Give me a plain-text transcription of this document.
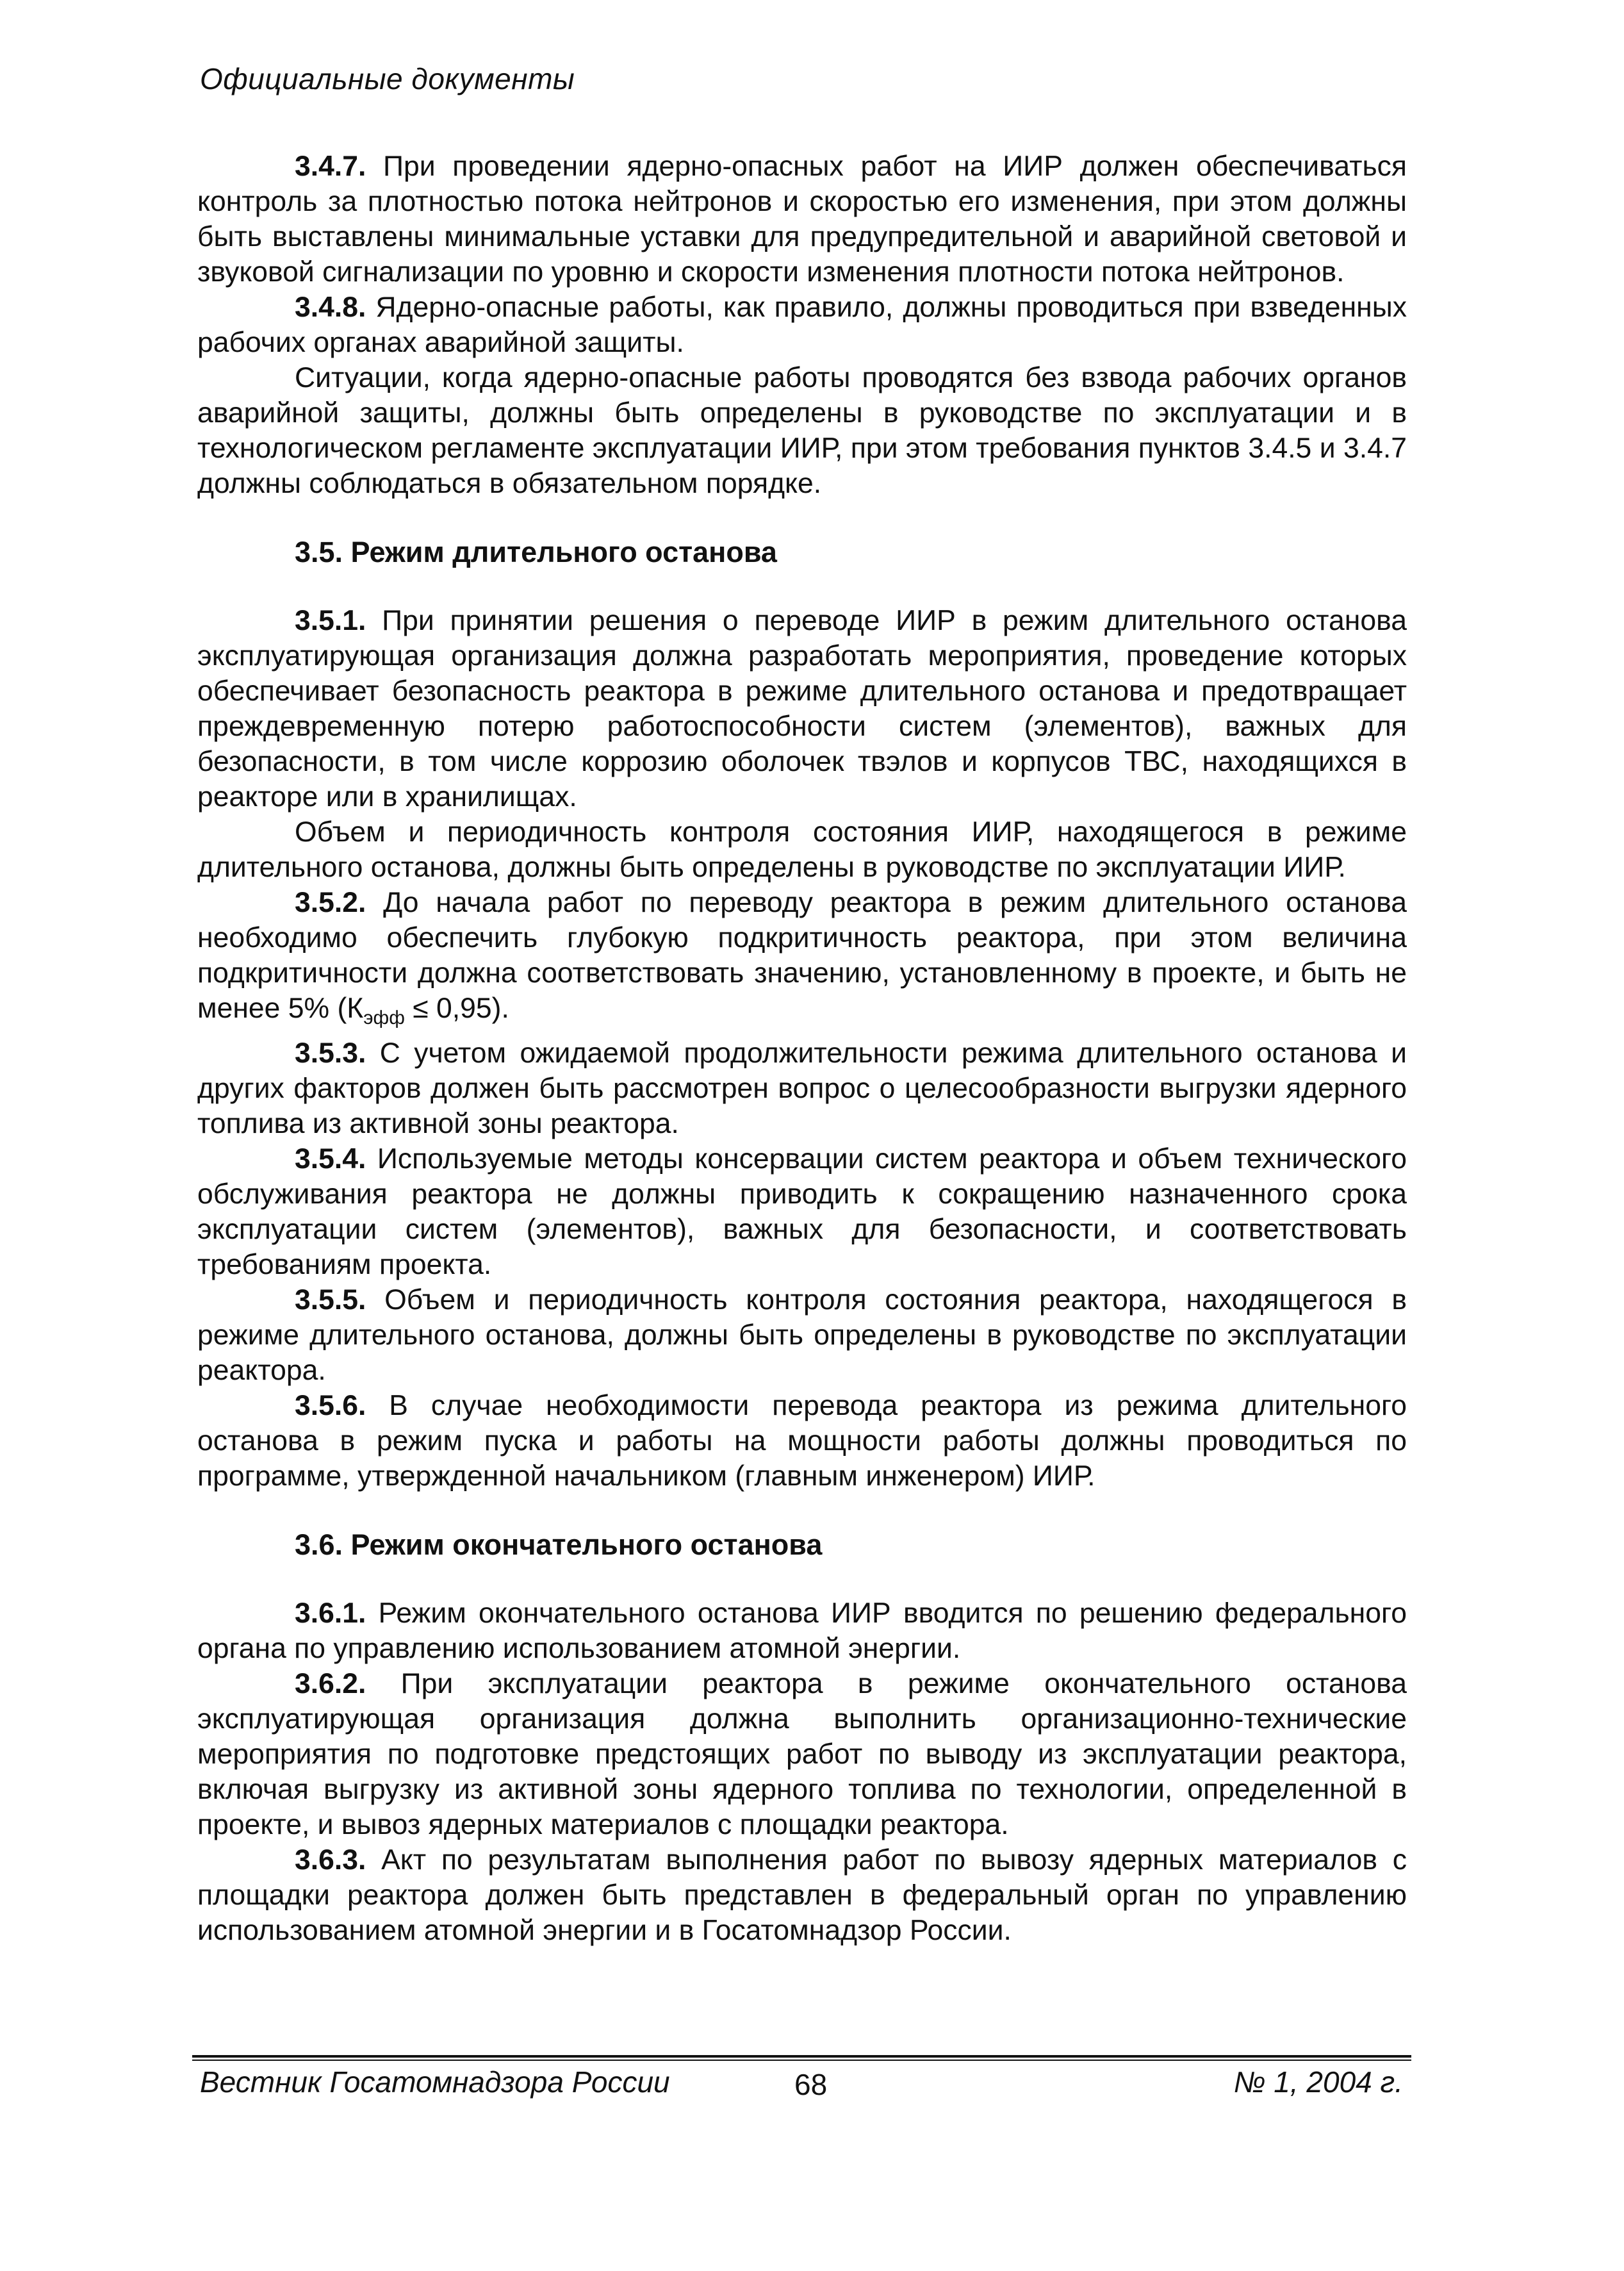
Официальные документы

3.4.7. При проведении ядерно-опасных работ на ИИР должен обеспечиваться контроль за плотностью потока нейтронов и скоростью его изменения, при этом должны быть выставлены минимальные уставки для предупредительной и аварийной световой и звуковой сигнализации по уровню и скорости изменения плотности потока нейтронов.

3.4.8. Ядерно-опасные работы, как правило, должны проводиться при взведенных рабочих органах аварийной защиты.

Ситуации, когда ядерно-опасные работы проводятся без взвода рабочих органов аварийной защиты, должны быть определены в руководстве по эксплуатации и в технологическом регламенте эксплуатации ИИР, при этом требования пунктов 3.4.5 и 3.4.7 должны соблюдаться в обязательном порядке.

3.5. Режим длительного останова

3.5.1. При принятии решения о переводе ИИР в режим длительного останова эксплуатирующая организация должна разработать мероприятия, проведение которых обеспечивает безопасность реактора в режиме длительного останова и предотвращает преждевременную потерю работоспособности систем (элементов), важных для безопасности, в том числе коррозию оболочек твэлов и корпусов ТВС, находящихся в реакторе или в хранилищах.

Объем и периодичность контроля состояния ИИР, находящегося в режиме длительного останова, должны быть определены в руководстве по эксплуатации ИИР.

3.5.2. До начала работ по переводу реактора в режим длительного останова необходимо обеспечить глубокую подкритичность реактора, при этом величина подкритичности должна соответствовать значению, установленному в проекте, и быть не менее 5% $(К_{эфф} \le 0,95)$.

3.5.3. С учетом ожидаемой продолжительности режима длительного останова и других факторов должен быть рассмотрен вопрос о целесообразности выгрузки ядерного топлива из активной зоны реактора.

3.5.4. Используемые методы консервации систем реактора и объем технического обслуживания реактора не должны приводить к сокращению назначенного срока эксплуатации систем (элементов), важных для безопасности, и соответствовать требованиям проекта.

3.5.5. Объем и периодичность контроля состояния реактора, находящегося в режиме длительного останова, должны быть определены в руководстве по эксплуатации реактора.

3.5.6. В случае необходимости перевода реактора из режима длительного останова в режим пуска и работы на мощности работы должны проводиться по программе, утвержденной начальником (главным инженером) ИИР.

3.6. Режим окончательного останова

3.6.1. Режим окончательного останова ИИР вводится по решению федерального органа по управлению использованием атомной энергии.

3.6.2. При эксплуатации реактора в режиме окончательного останова эксплуатирующая организация должна выполнить организационно-технические мероприятия по подготовке предстоящих работ по выводу из эксплуатации реактора, включая выгрузку из активной зоны ядерного топлива по технологии, определенной в проекте, и вывоз ядерных материалов с площадки реактора.

3.6.3. Акт по результатам выполнения работ по вывозу ядерных материалов с площадки реактора должен быть представлен в федеральный орган по управлению использованием атомной энергии и в Госатомнадзор России.

Вестник Госатомнадзора России	68	№ 1, 2004 г.
